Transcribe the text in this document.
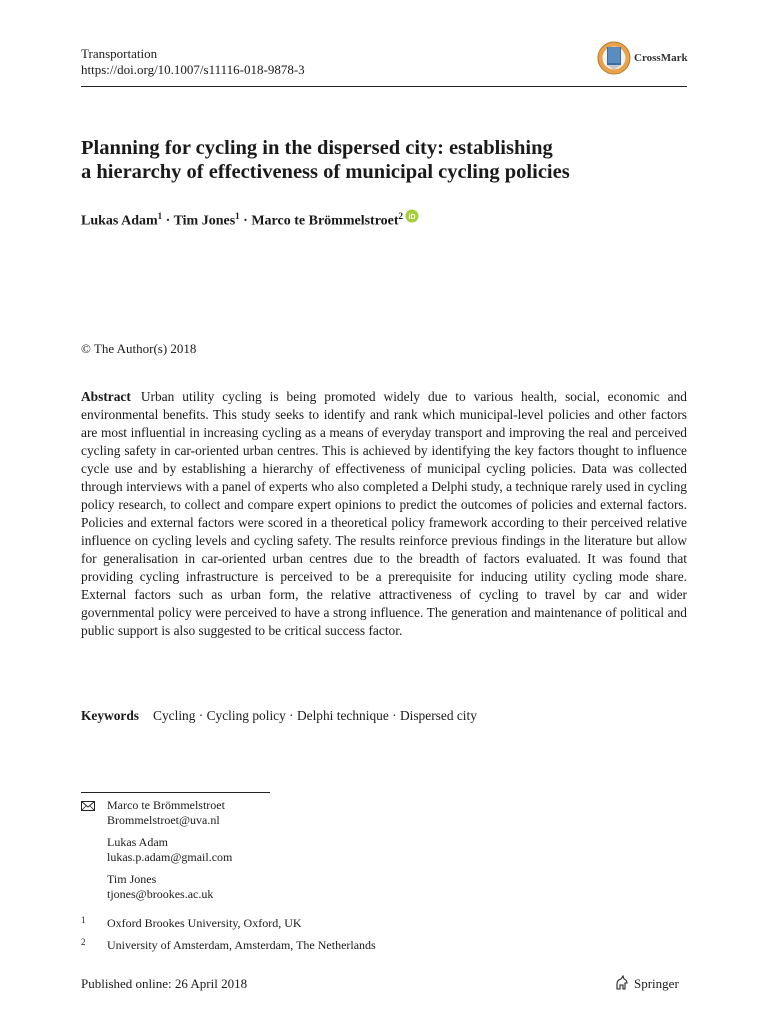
Transportation
https://doi.org/10.1007/s11116-018-9878-3
CrossMark
Planning for cycling in the dispersed city: establishing
a hierarchy of effectiveness of municipal cycling policies
Lukas Adam$^1$ · Tim Jones$^1$ · Marco te Brömmelstroet$^2$ iD
© The Author(s) 2018
Abstract Urban utility cycling is being promoted widely due to various health, social, economic and environmental benefits. This study seeks to identify and rank which municipal-level policies and other factors are most influential in increasing cycling as a means of everyday transport and improving the real and perceived cycling safety in car-oriented urban centres. This is achieved by identifying the key factors thought to influence cycle use and by establishing a hierarchy of effectiveness of municipal cycling policies. Data was collected through interviews with a panel of experts who also completed a Delphi study, a technique rarely used in cycling policy research, to collect and compare expert opinions to predict the outcomes of policies and external factors. Policies and external factors were scored in a theoretical policy framework according to their perceived relative influence on cycling levels and cycling safety. The results reinforce previous findings in the literature but allow for generalisation in car-oriented urban centres due to the breadth of factors evaluated. It was found that providing cycling infrastructure is perceived to be a prerequisite for inducing utility cycling mode share. External factors such as urban form, the relative attractiveness of cycling to travel by car and wider governmental policy were perceived to have a strong influence. The generation and maintenance of political and public support is also suggested to be critical success factor.
Keywords Cycling · Cycling policy · Delphi technique · Dispersed city
Marco te Brömmelstroet
Brommelstroet@uva.nl
Lukas Adam
lukas.p.adam@gmail.com
Tim Jones
tjones@brookes.ac.uk
1 Oxford Brookes University, Oxford, UK
2 University of Amsterdam, Amsterdam, The Netherlands
Published online: 26 April 2018	Springer
